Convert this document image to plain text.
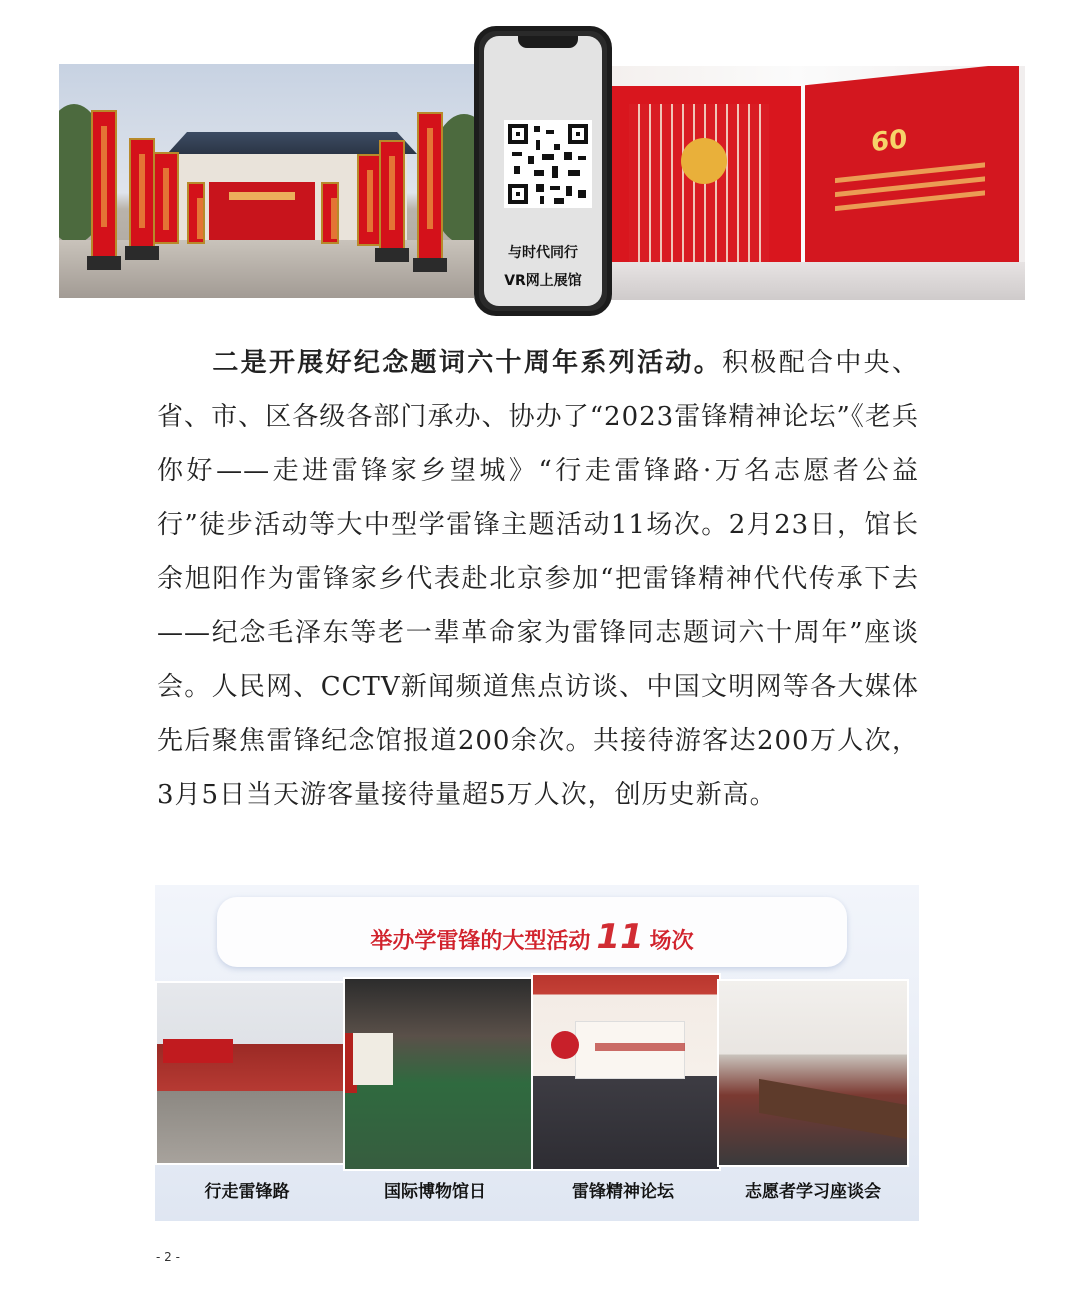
60
与时代同行
VR网上展馆
二是开展好纪念题词六十周年系列活动。积极配合中央、省、市、区各级各部门承办、协办了“2023雷锋精神论坛”《老兵你好——走进雷锋家乡望城》“行走雷锋路·万名志愿者公益行”徒步活动等大中型学雷锋主题活动11场次。2月23日，馆长余旭阳作为雷锋家乡代表赴北京参加“把雷锋精神代代传承下去——纪念毛泽东等老一辈革命家为雷锋同志题词六十周年”座谈会。人民网、CCTV新闻频道焦点访谈、中国文明网等各大媒体先后聚焦雷锋纪念馆报道200余次。共接待游客达200万人次，3月5日当天游客量接待量超5万人次，创历史新高。
举办学雷锋的大型活动 11 场次
行走雷锋路	国际博物馆日	雷锋精神论坛	志愿者学习座谈会
- 2 -
